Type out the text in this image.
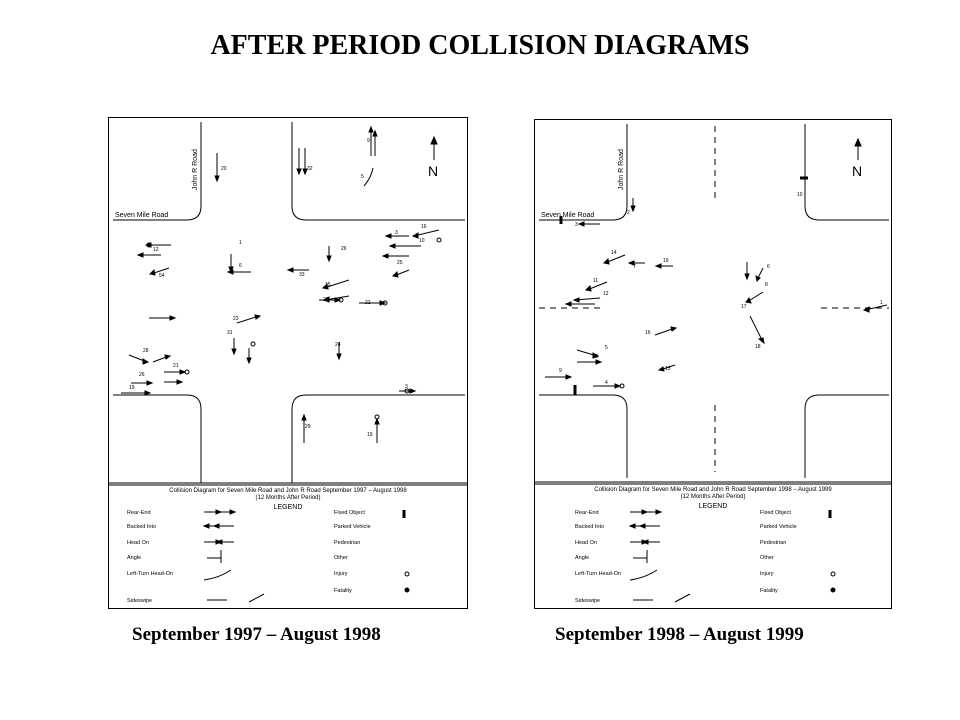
AFTER PERIOD COLLISION DIAGRAMS
N
Seven Mile Road
John R Road
9
5
20	32
16
3
10
12
1
6
33
26
25
15
22
23
54
21
31
28
26
24
22
19	3
29
19
Collision Diagram for Seven Mile Road and John R Road September 1997 – August 1998
(12 Months After Period)
LEGEND
Rear-End
Backed Into
Head On
Angle
Left-Turn Head-On
Sideswipe
Fixed Object
Parked Vehicle
Pedestrian
Other
Injury
Fatality
N
Seven Mile Road
John R Road
10
3
2
14
19
7	6
8
11
12
17
1
16
5
20
18
9	13
4
Collision Diagram for Seven Mile Road and John R Road September 1998 – August 1999
(12 Months After Period)
LEGEND
Rear-End
Backed Into
Head On
Angle
Left-Turn Head-On
Sideswipe
Fixed Object
Parked Vehicle
Pedestrian
Other
Injury
Fatality
September 1997 – August 1998	September 1998 – August 1999
